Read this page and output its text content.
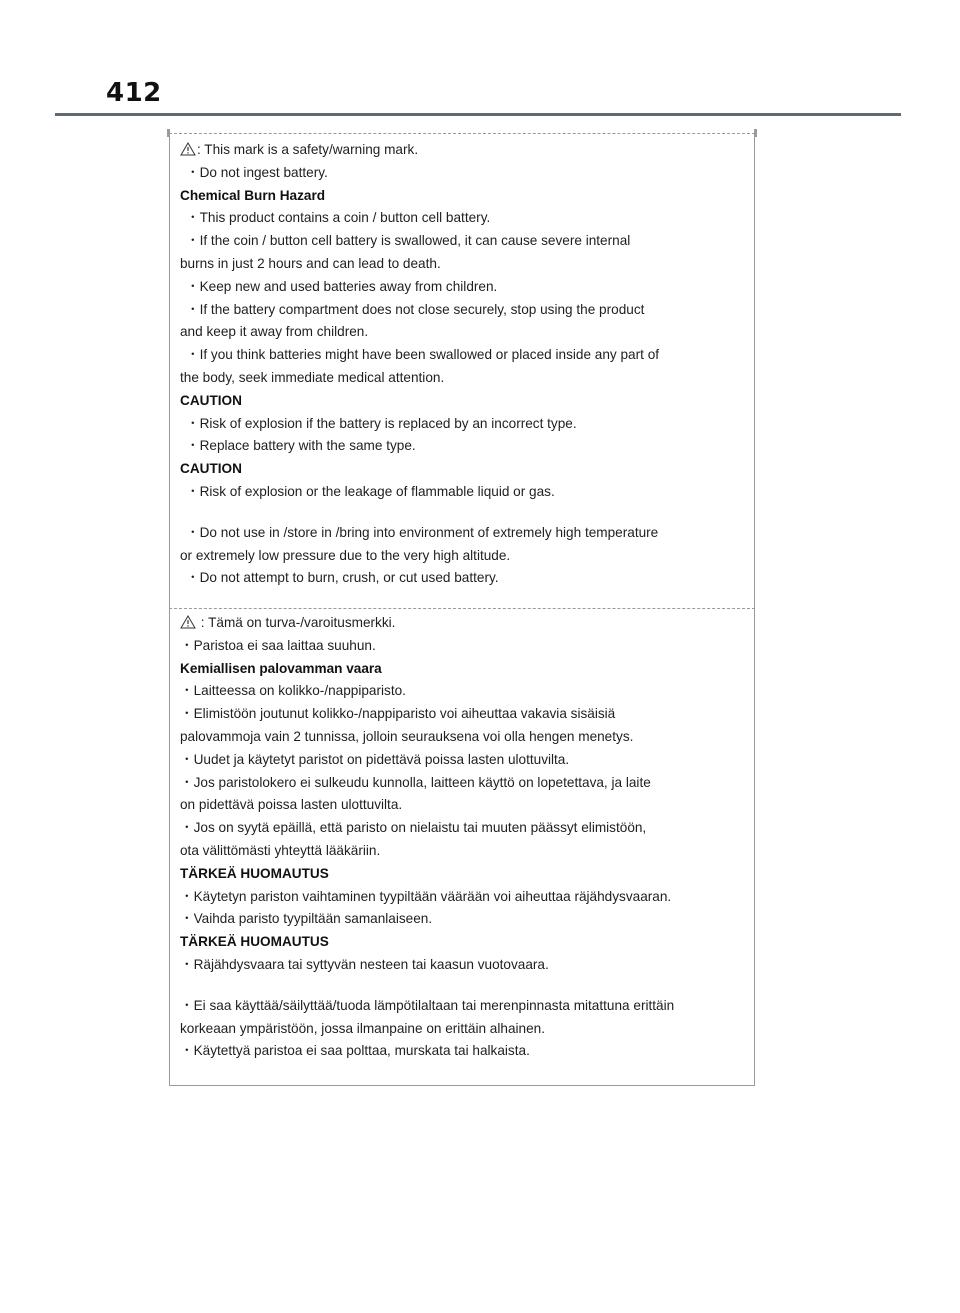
412
: This mark is a safety/warning mark.
・Do not ingest battery.
Chemical Burn Hazard
・This product contains a coin / button cell battery.
・If the coin / button cell battery is swallowed, it can cause severe internal
burns in just 2 hours and can lead to death.
・Keep new and used batteries away from children.
・If the battery compartment does not close securely, stop using the product
and keep it away from children.
・If you think batteries might have been swallowed or placed inside any part of
the body, seek immediate medical attention.
CAUTION
・Risk of explosion if the battery is replaced by an incorrect type.
・Replace battery with the same type.
CAUTION
・Risk of explosion or the leakage of flammable liquid or gas.
・Do not use in /store in /bring into environment of extremely high temperature
or extremely low pressure due to the very high altitude.
・Do not attempt to burn, crush, or cut used battery.
: Tämä on turva-/varoitusmerkki.
・Paristoa ei saa laittaa suuhun.
Kemiallisen palovamman vaara
・Laitteessa on kolikko-/nappiparisto.
・Elimistöön joutunut kolikko-/nappiparisto voi aiheuttaa vakavia sisäisiä
palovammoja vain 2 tunnissa, jolloin seurauksena voi olla hengen menetys.
・Uudet ja käytetyt paristot on pidettävä poissa lasten ulottuvilta.
・Jos paristolokero ei sulkeudu kunnolla, laitteen käyttö on lopetettava, ja laite
on pidettävä poissa lasten ulottuvilta.
・Jos on syytä epäillä, että paristo on nielaistu tai muuten päässyt elimistöön,
ota välittömästi yhteyttä lääkäriin.
TÄRKEÄ HUOMAUTUS
・Käytetyn pariston vaihtaminen tyypiltään väärään voi aiheuttaa räjähdysvaaran.
・Vaihda paristo tyypiltään samanlaiseen.
TÄRKEÄ HUOMAUTUS
・Räjähdysvaara tai syttyvän nesteen tai kaasun vuotovaara.
・Ei saa käyttää/säilyttää/tuoda lämpötilaltaan tai merenpinnasta mitattuna erittäin
korkeaan ympäristöön, jossa ilmanpaine on erittäin alhainen.
・Käytettyä paristoa ei saa polttaa, murskata tai halkaista.
